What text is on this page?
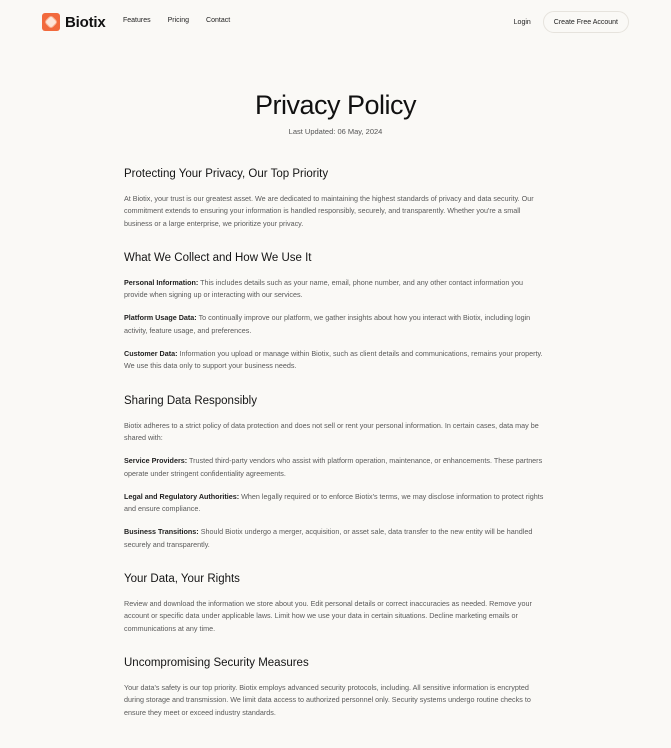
Biotix	Features Pricing Contact	Login	Create Free Account
Privacy Policy
Last Updated: 06 May, 2024
Protecting Your Privacy, Our Top Priority

At Biotix, your trust is our greatest asset. We are dedicated to maintaining the highest standards of privacy and data security. Our commitment extends to ensuring your information is handled responsibly, securely, and transparently. Whether you're a small business or a large enterprise, we prioritize your privacy.

What We Collect and How We Use It

Personal Information: This includes details such as your name, email, phone number, and any other contact information you provide when signing up or interacting with our services.

Platform Usage Data: To continually improve our platform, we gather insights about how you interact with Biotix, including login activity, feature usage, and preferences.

Customer Data: Information you upload or manage within Biotix, such as client details and communications, remains your property. We use this data only to support your business needs.

Sharing Data Responsibly

Biotix adheres to a strict policy of data protection and does not sell or rent your personal information. In certain cases, data may be shared with:

Service Providers: Trusted third-party vendors who assist with platform operation, maintenance, or enhancements. These partners operate under stringent confidentiality agreements.

Legal and Regulatory Authorities: When legally required or to enforce Biotix's terms, we may disclose information to protect rights and ensure compliance.

Business Transitions: Should Biotix undergo a merger, acquisition, or asset sale, data transfer to the new entity will be handled securely and transparently.

Your Data, Your Rights

Review and download the information we store about you. Edit personal details or correct inaccuracies as needed. Remove your account or specific data under applicable laws. Limit how we use your data in certain situations. Decline marketing emails or communications at any time.

Uncompromising Security Measures

Your data's safety is our top priority. Biotix employs advanced security protocols, including. All sensitive information is encrypted during storage and transmission. We limit data access to authorized personnel only. Security systems undergo routine checks to ensure they meet or exceed industry standards.
